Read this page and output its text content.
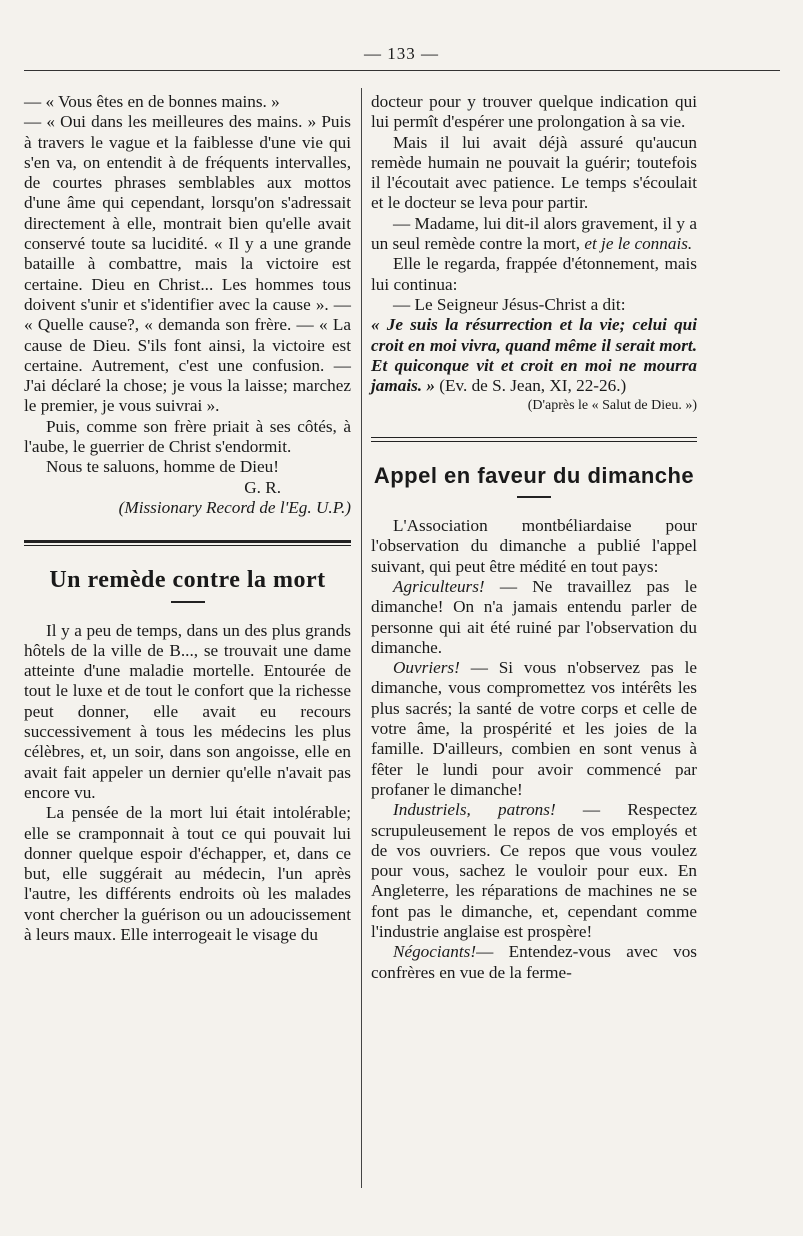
— 133 —

— « Vous êtes en de bonnes mains. »

— « Oui dans les meilleures des mains. » Puis à travers le vague et la faiblesse d'une vie qui s'en va, on entendit à de fréquents intervalles, de courtes phrases semblables aux mottos d'une âme qui cependant, lorsqu'on s'adressait directement à elle, montrait bien qu'elle avait conservé toute sa lucidité. « Il y a une grande bataille à combattre, mais la victoire est certaine. Dieu en Christ... Les hommes tous doivent s'unir et s'identifier avec la cause ». — « Quelle cause?, « demanda son frère. — « La cause de Dieu. S'ils font ainsi, la victoire est certaine. Autrement, c'est une confusion. — J'ai déclaré la chose; je vous la laisse; marchez le premier, je vous suivrai ».

Puis, comme son frère priait à ses côtés, à l'aube, le guerrier de Christ s'endormit.

Nous te saluons, homme de Dieu!

G. R.

(Missionary Record de l'Eg. U.P.)

Un remède contre la mort

Il y a peu de temps, dans un des plus grands hôtels de la ville de B..., se trouvait une dame atteinte d'une maladie mortelle. Entourée de tout le luxe et de tout le confort que la richesse peut donner, elle avait eu recours successivement à tous les médecins les plus célèbres, et, un soir, dans son angoisse, elle en avait fait appeler un dernier qu'elle n'avait pas encore vu.

La pensée de la mort lui était intolérable; elle se cramponnait à tout ce qui pouvait lui donner quelque espoir d'échapper, et, dans ce but, elle suggérait au médecin, l'un après l'autre, les différents endroits où les malades vont chercher la guérison ou un adoucissement à leurs maux. Elle interrogeait le visage du

docteur pour y trouver quelque indication qui lui permît d'espérer une prolongation à sa vie.

Mais il lui avait déjà assuré qu'aucun remède humain ne pouvait la guérir; toutefois il l'écoutait avec patience. Le temps s'écoulait et le docteur se leva pour partir.

— Madame, lui dit-il alors gravement, il y a un seul remède contre la mort, et je le connais.

Elle le regarda, frappée d'étonnement, mais lui continua:

— Le Seigneur Jésus-Christ a dit:

« Je suis la résurrection et la vie; celui qui croit en moi vivra, quand même il serait mort. Et quiconque vit et croit en moi ne mourra jamais. » (Ev. de S. Jean, XI, 22-26.)

(D'après le « Salut de Dieu. »)

Appel en faveur du dimanche

L'Association montbéliardaise pour l'observation du dimanche a publié l'appel suivant, qui peut être médité en tout pays:

Agriculteurs! — Ne travaillez pas le dimanche! On n'a jamais entendu parler de personne qui ait été ruiné par l'observation du dimanche.

Ouvriers! — Si vous n'observez pas le dimanche, vous compromettez vos intérêts les plus sacrés; la santé de votre corps et celle de votre âme, la prospérité et les joies de la famille. D'ailleurs, combien en sont venus à fêter le lundi pour avoir commencé par profaner le dimanche!

Industriels, patrons! — Respectez scrupuleusement le repos de vos employés et de vos ouvriers. Ce repos que vous voulez pour vous, sachez le vouloir pour eux. En Angleterre, les réparations de machines ne se font pas le dimanche, et, cependant comme l'industrie anglaise est prospère!

Négociants!— Entendez-vous avec vos confrères en vue de la ferme-
